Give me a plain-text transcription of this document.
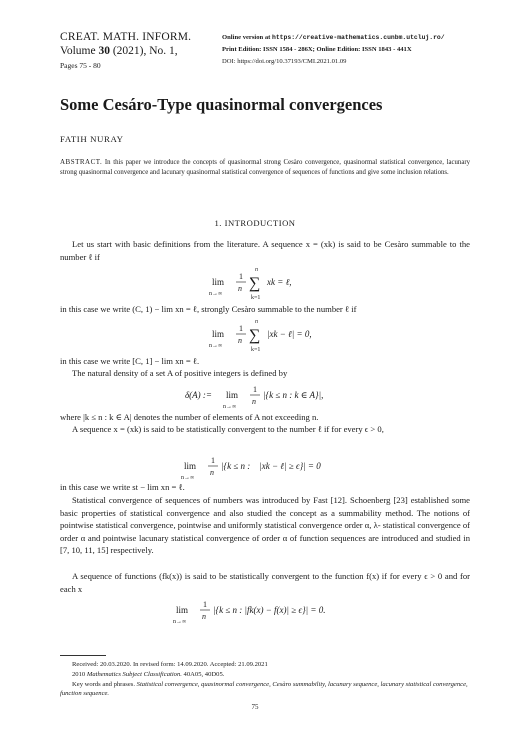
CREAT. MATH. INFORM.
Volume 30 (2021), No. 1,
Pages 75 - 80
Online version at https://creative-mathematics.cunbm.utcluj.ro/
Print Edition: ISSN 1584 - 286X; Online Edition: ISSN 1843 - 441X
DOI: https://doi.org/10.37193/CMI.2021.01.09
Some Cesáro-Type quasinormal convergences
FATIH NURAY
ABSTRACT. In this paper we introduce the concepts of quasinormal strong Cesàro convergence, quasinormal statistical convergence, lacunary strong quasinormal convergence and lacunary quasinormal statistical convergence of sequences of functions and give some inclusion relations.
1. INTRODUCTION
Let us start with basic definitions from the literature. A sequence x = (xk) is said to be Cesàro summable to the number ℓ if
lim
n→∞
1
n
n
∑
k=1
xk = ℓ,
in this case we write (C, 1) − lim xn = ℓ, strongly Cesàro summable to the number ℓ if
lim
n→∞
1
n
n
∑
k=1
|xk − ℓ| = 0,
in this case we write [C, 1] − lim xn = ℓ.
The natural density of a set A of positive integers is defined by
δ(A) := lim
n→∞
1
n
|{k ≤ n : k ∈ A}|,
where |k ≤ n : k ∈ A| denotes the number of elements of A not exceeding n.
A sequence x = (xk) is said to be statistically convergent to the number ℓ if for every ϵ > 0,
lim
n→∞
1
n
|{k ≤ n :    |xk − ℓ| ≥ ϵ}| = 0
in this case we write st − lim xn = ℓ.
Statistical convergence of sequences of numbers was introduced by Fast [12]. Schoenberg [23] established some basic properties of statistical convergence and also studied the concept as a summability method. The notions of pointwise statistical convergence, pointwise and uniformly statistical convergence order α, λ- statistical convergence of order α and pointwise lacunary statistical convergence of order α of function sequences are introduced and studied in [7, 10, 11, 15] respectively.
A sequence of functions (fk(x)) is said to be statistically convergent to the function f(x) if for every ϵ > 0 and for each x
lim
n→∞
1
n
|{k ≤ n : |fk(x) − f(x)| ≥ ϵ}| = 0.
Received: 20.03.2020. In revised form: 14.09.2020. Accepted: 21.09.2021
2010 Mathematics Subject Classification. 40A05, 40D05.
Key words and phrases. Statistical convergence, quasinormal convergence, Cesàro summability, lacunary sequence, lacunary statistical convergence, function sequence.
75
